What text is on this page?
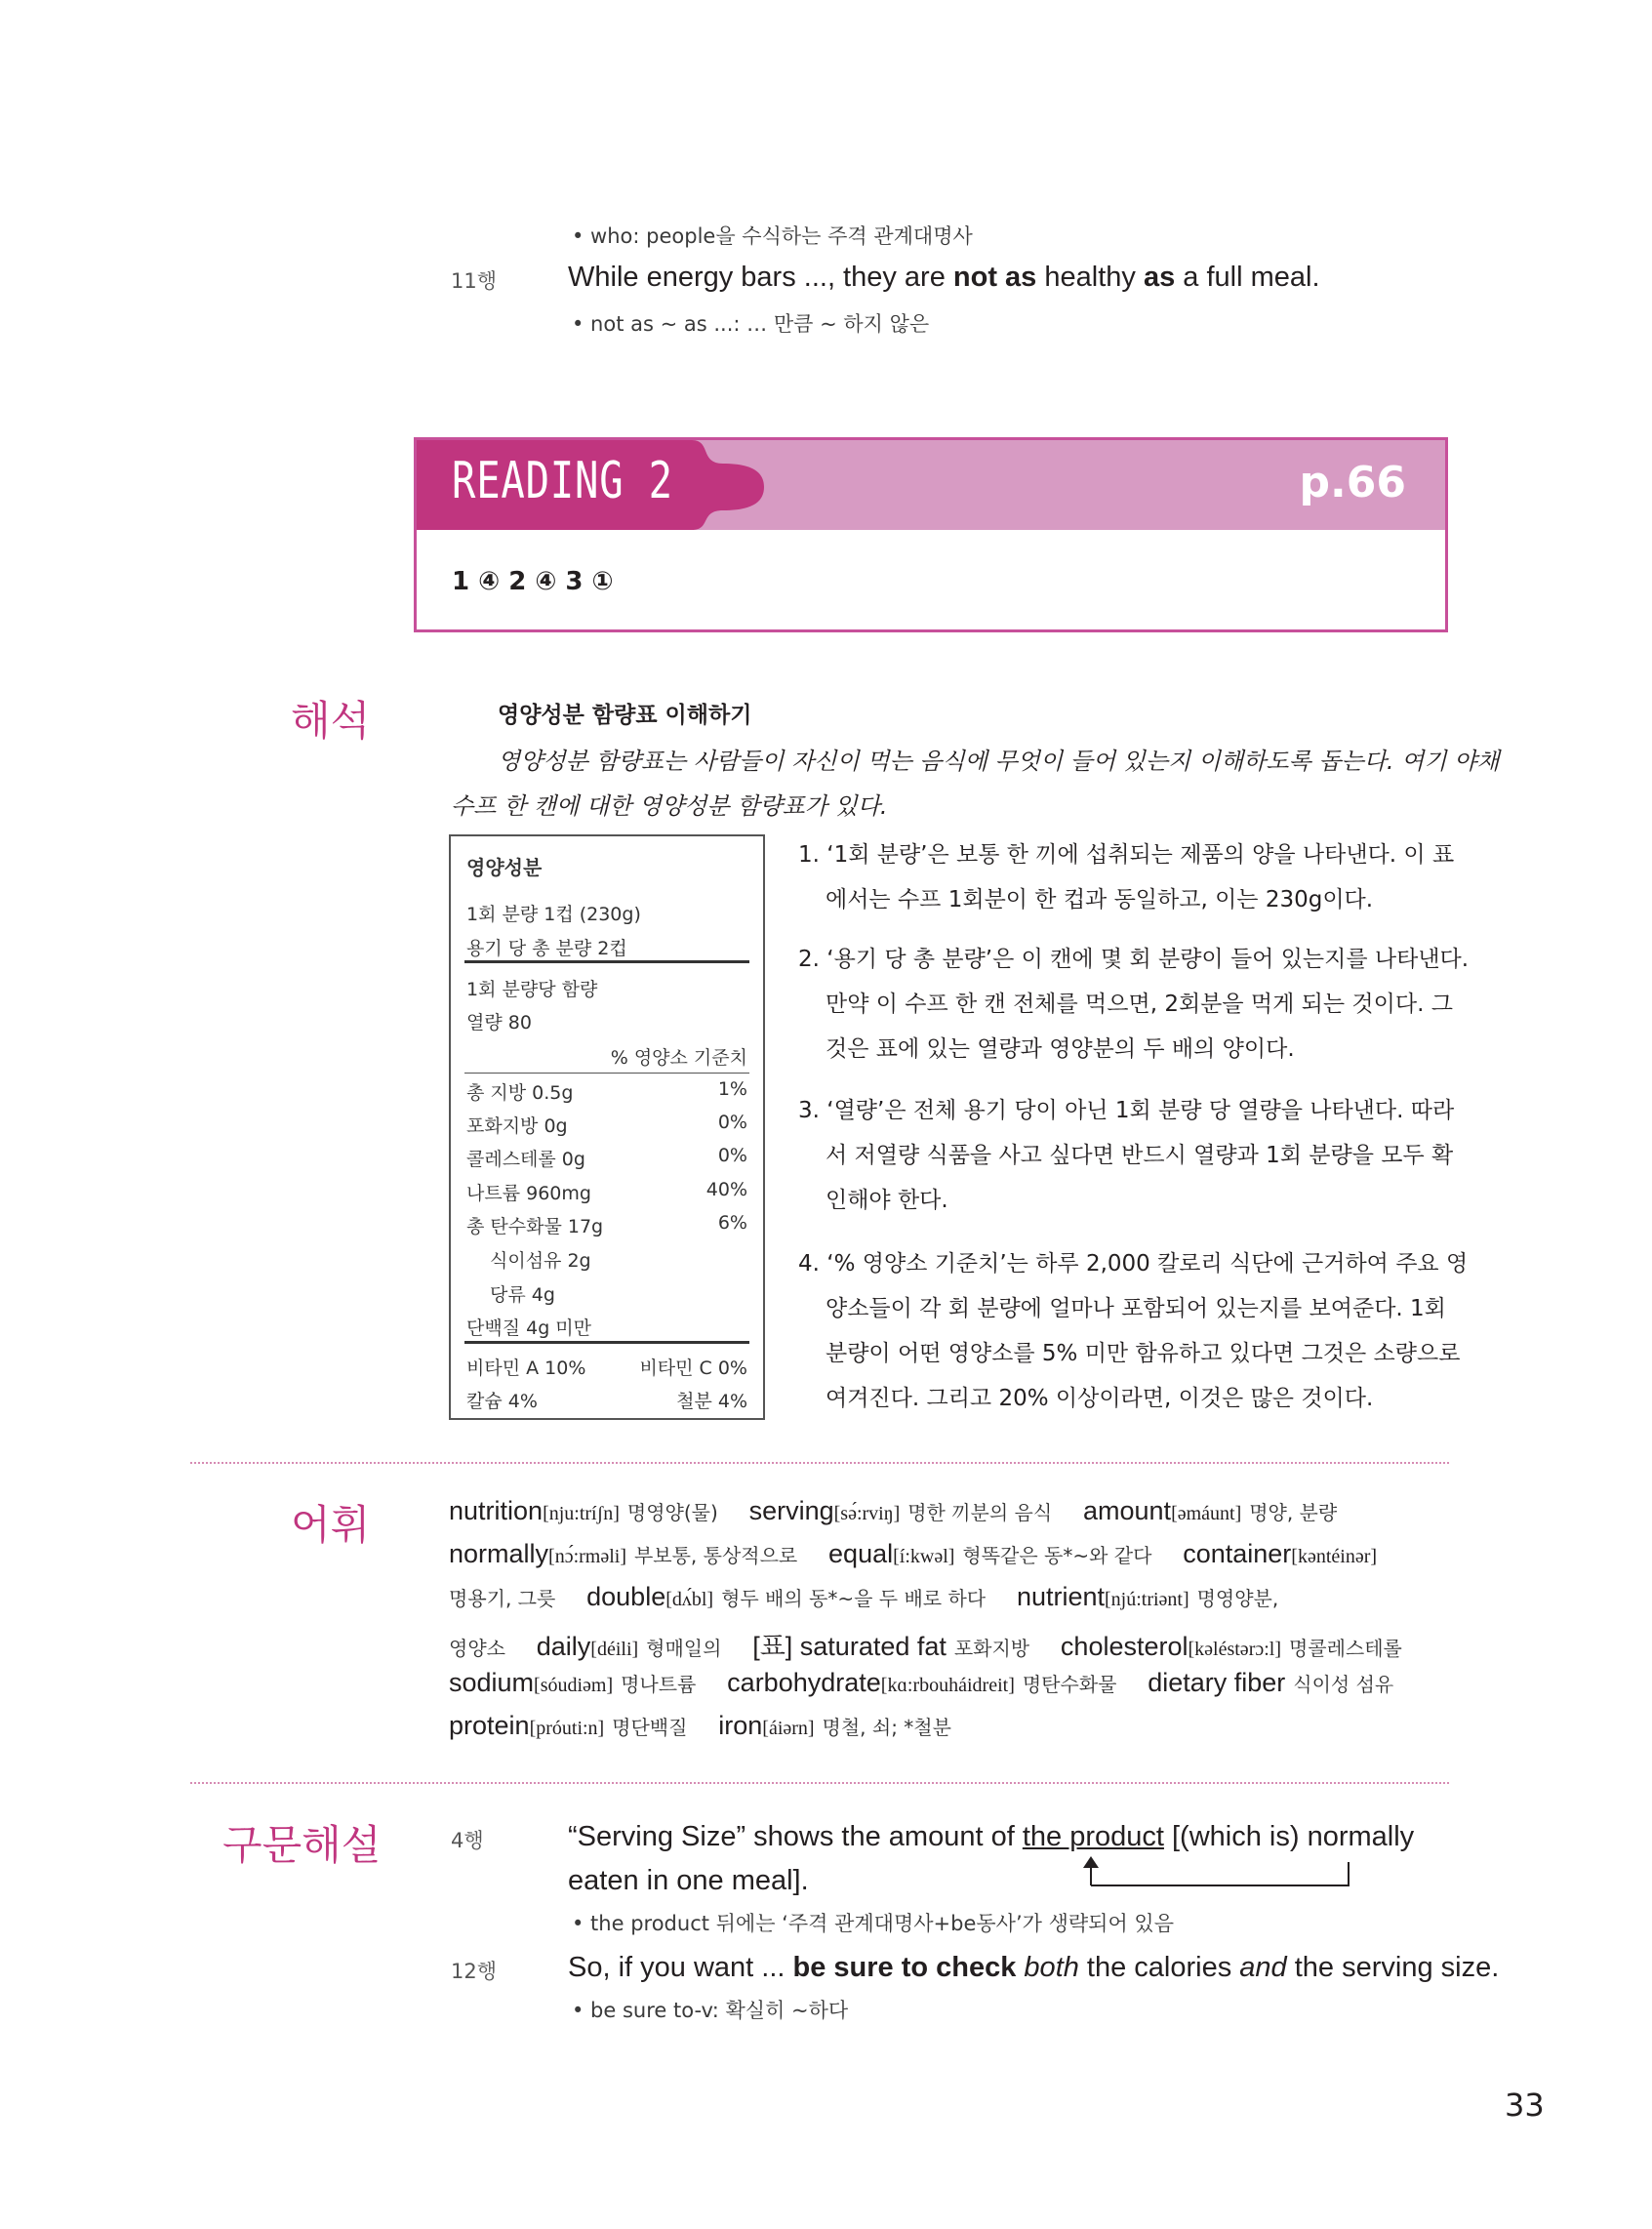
• who: people을 수식하는 주격 관계대명사
11행	While energy bars ..., they are not as healthy as a full meal.
• not as ~ as ...: … 만큼 ~ 하지 않은
READING 2	p.66
1 ④ 2 ④ 3 ①
해석	영양성분 함량표 이해하기
영양성분 함량표는 사람들이 자신이 먹는 음식에 무엇이 들어 있는지 이해하도록 돕는다. 여기 야채
수프 한 캔에 대한 영양성분 함량표가 있다.
영양성분
1회 분량 1컵 (230g)
용기 당 총 분량 2컵
1회 분량당 함량
열량 80
% 영양소 기준치
총 지방 0.5g	1%
포화지방 0g	0%
콜레스테롤 0g	0%
나트륨 960mg	40%
총 탄수화물 17g	6%
식이섬유 2g
당류 4g
단백질 4g 미만
비타민 A 10%	비타민 C 0%
칼슘 4%	철분 4%
1. ‘1회 분량’은 보통 한 끼에 섭취되는 제품의 양을 나타낸다. 이 표
에서는 수프 1회분이 한 컵과 동일하고, 이는 230g이다.
2. ‘용기 당 총 분량’은 이 캔에 몇 회 분량이 들어 있는지를 나타낸다.
만약 이 수프 한 캔 전체를 먹으면, 2회분을 먹게 되는 것이다. 그
것은 표에 있는 열량과 영양분의 두 배의 양이다.
3. ‘열량’은 전체 용기 당이 아닌 1회 분량 당 열량을 나타낸다. 따라
서 저열량 식품을 사고 싶다면 반드시 열량과 1회 분량을 모두 확
인해야 한다.
4. ‘% 영양소 기준치’는 하루 2,000 칼로리 식단에 근거하여 주요 영
양소들이 각 회 분량에 얼마나 포함되어 있는지를 보여준다. 1회
분량이 어떤 영양소를 5% 미만 함유하고 있다면 그것은 소량으로
여겨진다. 그리고 20% 이상이라면, 이것은 많은 것이다.
어휘	nutrition[nju:tríʃn] 명영양(물) serving[sə́:rviŋ] 명한 끼분의 음식 amount[əmáunt] 명양, 분량
normally[nɔ́:rməli] 부보통, 통상적으로 equal[í:kwəl] 형똑같은 동*~와 같다 container[kəntéinər]
명용기, 그릇 double[dʌ́bl] 형두 배의 동*~을 두 배로 하다 nutrient[njú:triənt] 명영양분,
영양소 daily[déili] 형매일의 [표] saturated fat 포화지방 cholesterol[kəléstərɔ:l] 명콜레스테롤
sodium[sóudiəm] 명나트륨 carbohydrate[kɑ:rbouháidreit] 명탄수화물 dietary fiber 식이성 섬유
protein[próuti:n] 명단백질 iron[áiərn] 명철, 쇠; *철분
구문해설	4행	“Serving Size” shows the amount of the product [(which is) normally
eaten in one meal].
• the product 뒤에는 ‘주격 관계대명사+be동사’가 생략되어 있음
12행	So, if you want ... be sure to check both the calories and the serving size.
• be sure to-v: 확실히 ~하다
33
